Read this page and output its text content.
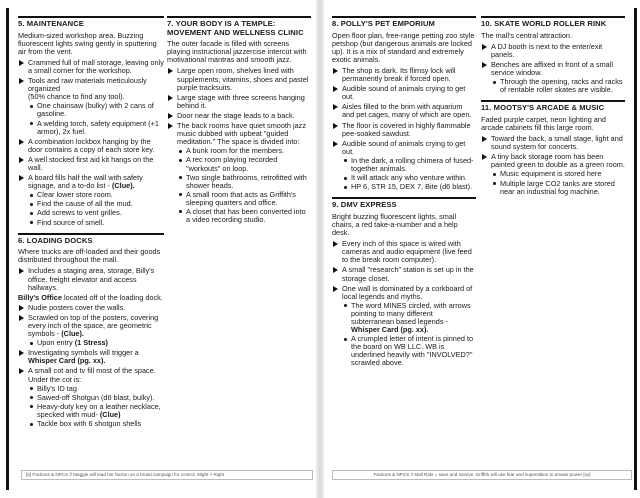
5. MAINTENANCE

Medium-sized workshop area. Buzzing fluorescent lights swing gently in sputtering air from the vent.

Crammed full of mall storage, leaving only a small corner for the workshop.
Tools and raw materials meticulously organized
(50% chance to find any tool).
One chainsaw (bulky) with 2 cans of gasoline.
A welding torch, safety equipment (+1 armor), 2x fuel.
A combination lockbox hanging by the door contains a copy of each store key.
A well stocked first aid kit hangs on the wall.
A board fills half the wall with safety signage, and a to-do list - (Clue).
Clear lower store room.
Find the cause of all the mud.
Add screws to vent grilles.
Find source of smell.
6. LOADING DOCKS

Where trucks are off-loaded and their goods distributed throughout the mall.

Includes a staging area, storage, Billy's office, freight elevator and access hallways.

Billy's Office located off of the loading dock.

Nudie posters cover the walls.
Scrawled on top of the posters, covering every inch of the space, are geometric symbols - (Clue).
Upon entry (1 Stress)
Investigating symbols will trigger a Whisper Card (pg. xx).
A small cot and tv fill most of the space. Under the cot is:
Billy's ID tag
Sawed-off Shotgun (d6 blast, bulky).
Heavy-duty key on a leather necklace, specked with mud- (Clue)
Tackle box with 6 shotgun shells
7. YOUR BODY IS A TEMPLE: MOVEMENT AND WELLNESS CLINIC

The outer facade is filled with screens playing instructional jazzercise intercut with motivational mantras and smooth jazz.

Large open room, shelves lined with supplements, vitamins, shoes and pastel purple tracksuits.
Large stage with three screens hanging behind it.
Door near the stage leads to a back.
The back rooms have quiet smooth jazz music dubbed with upbeat "guided meditation." The space is divided into:
A bunk room for the members.
A rec room playing recorded "workouts" on loop.
Two single bathrooms, retrofitted with shower heads.
A small room that acts as Griffith's sleeping quarters and office.
A closet that has been converted into a video recording studio.
[6] Factions & NPCS // Maggie will lead her faction on a brutal campaign for control. Might > Right
8. POLLY'S PET EMPORIUM

Open floor plan, free-range petting zoo style petshop (but dangerous animals are locked up). It is a mix of standard and extremely exotic animals.

The shop is dark. Its flimsy lock will permanently break if forced open.
Audible sound of animals crying to get out.
Aisles filled to the brim with aquarium and pet cages, many of which are open.
The floor is covered in highly flammable pee-soaked sawdust.
Audible sound of animals crying to get out.
In the dark, a rolling chimera of fused-together animals.
It will attack any who venture within.
HP 6, STR 15, DEX 7, Bite (d6 blast).
9. DMV EXPRESS

Bright buzzing fluorescent lights, small chairs, a red take-a-number and a help desk.

Every inch of this space is wired with cameras and audio equipment (live feed to the break room computer).
A small "research" station is set up in the storage closet.
One wall is dominated by a corkboard of local legends and myths.
The word MINES circled, with arrows pointing to many different subterranean based legends - Whisper Card (pg. xx).
A crumpled letter of intent is pinned to the board on WB LLC. WB is underlined heavily with "INVOLVED?" scrawled above.
10. SKATE WORLD ROLLER RINK

The mall's central attraction.

A DJ booth is next to the enter/exit panels.
Benches are affixed in front of a small service window.
Through the opening, racks and racks of rentable roller skates are visible.
11. MOOTSY'S ARCADE & MUSIC

Faded purple carpet, neon lighting and arcade cabinets fill this large room.

Toward the back, a small stage, light and sound system for concerts.
A tiny back storage room has been painted green to double as a green room.
Music equipment is stored here
Multiple large CO2 tanks are stored near an industrial fog machine.
Factions & NPCS // Mall Rats = save and survive. Griffith will use fear and superstition to amass power [xx]
